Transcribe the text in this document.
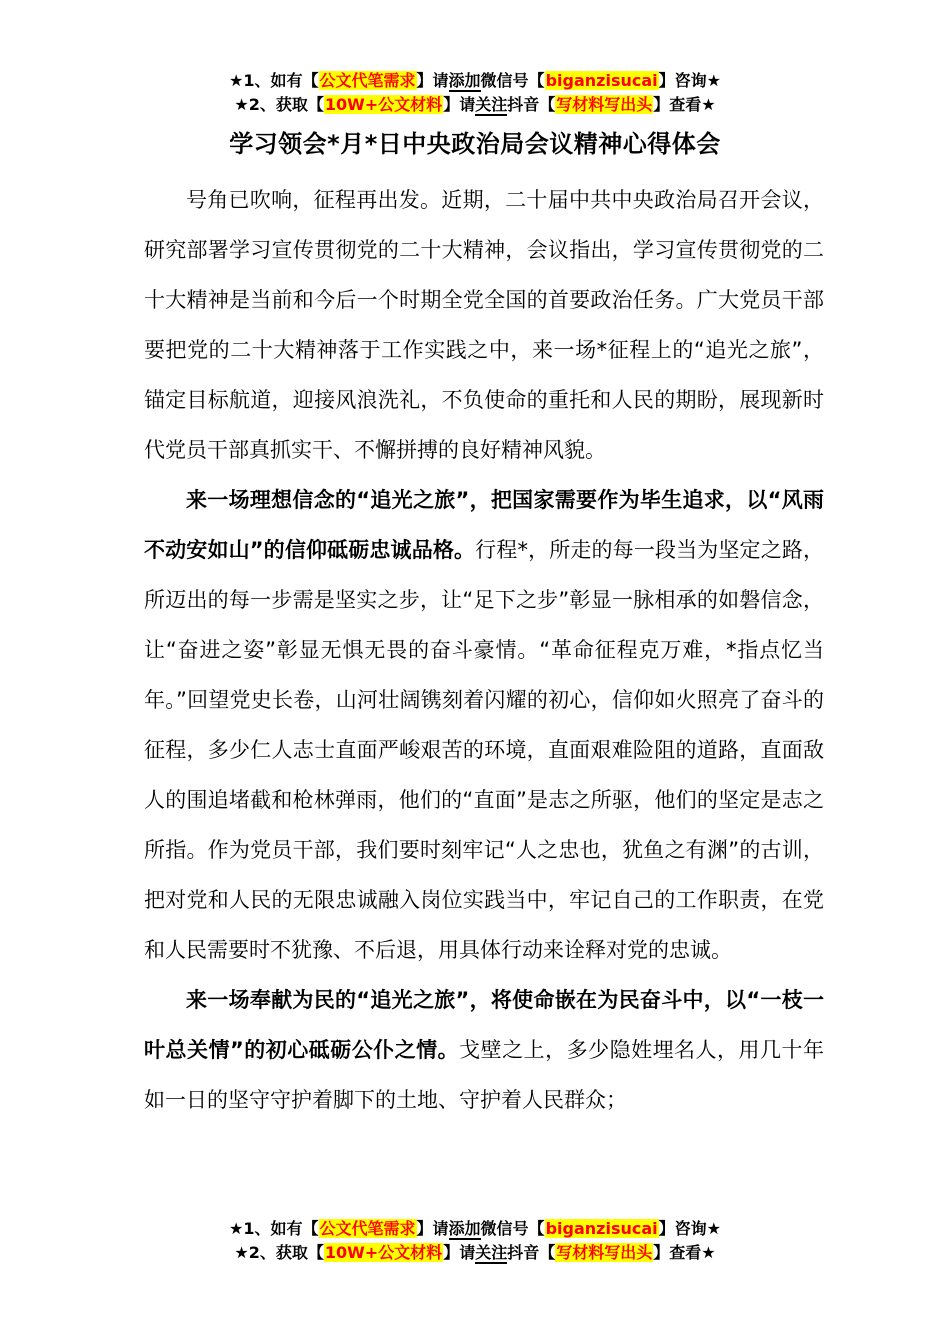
★1、如有【公文代笔需求】请添加微信号【biganzisucai】咨询★
★2、获取【10W+公文材料】请关注抖音【写材料写出头】查看★
学习领会*月*日中央政治局会议精神心得体会

号角已吹响，征程再出发。近期，二十届中共中央政治局召开会议，研究部署学习宣传贯彻党的二十大精神，会议指出，学习宣传贯彻党的二十大精神是当前和今后一个时期全党全国的首要政治任务。广大党员干部要把党的二十大精神落于工作实践之中，来一场*征程上的“追光之旅”，锚定目标航道，迎接风浪洗礼，不负使命的重托和人民的期盼，展现新时代党员干部真抓实干、不懈拼搏的良好精神风貌。

来一场理想信念的“追光之旅”，把国家需要作为毕生追求，以“风雨不动安如山”的信仰砥砺忠诚品格。行程*，所走的每一段当为坚定之路，所迈出的每一步需是坚实之步，让“足下之步”彰显一脉相承的如磐信念，让“奋进之姿”彰显无惧无畏的奋斗豪情。“革命征程克万难，*指点忆当年。”回望党史长卷，山河壮阔镌刻着闪耀的初心，信仰如火照亮了奋斗的征程，多少仁人志士直面严峻艰苦的环境，直面艰难险阻的道路，直面敌人的围追堵截和枪林弹雨，他们的“直面”是志之所驱，他们的坚定是志之所指。作为党员干部，我们要时刻牢记“人之忠也，犹鱼之有渊”的古训，把对党和人民的无限忠诚融入岗位实践当中，牢记自己的工作职责，在党和人民需要时不犹豫、不后退，用具体行动来诠释对党的忠诚。

来一场奉献为民的“追光之旅”，将使命嵌在为民奋斗中，以“一枝一叶总关情”的初心砥砺公仆之情。戈壁之上，多少隐姓埋名人，用几十年如一日的坚守守护着脚下的土地、守护着人民群众；

★1、如有【公文代笔需求】请添加微信号【biganzisucai】咨询★
★2、获取【10W+公文材料】请关注抖音【写材料写出头】查看★
